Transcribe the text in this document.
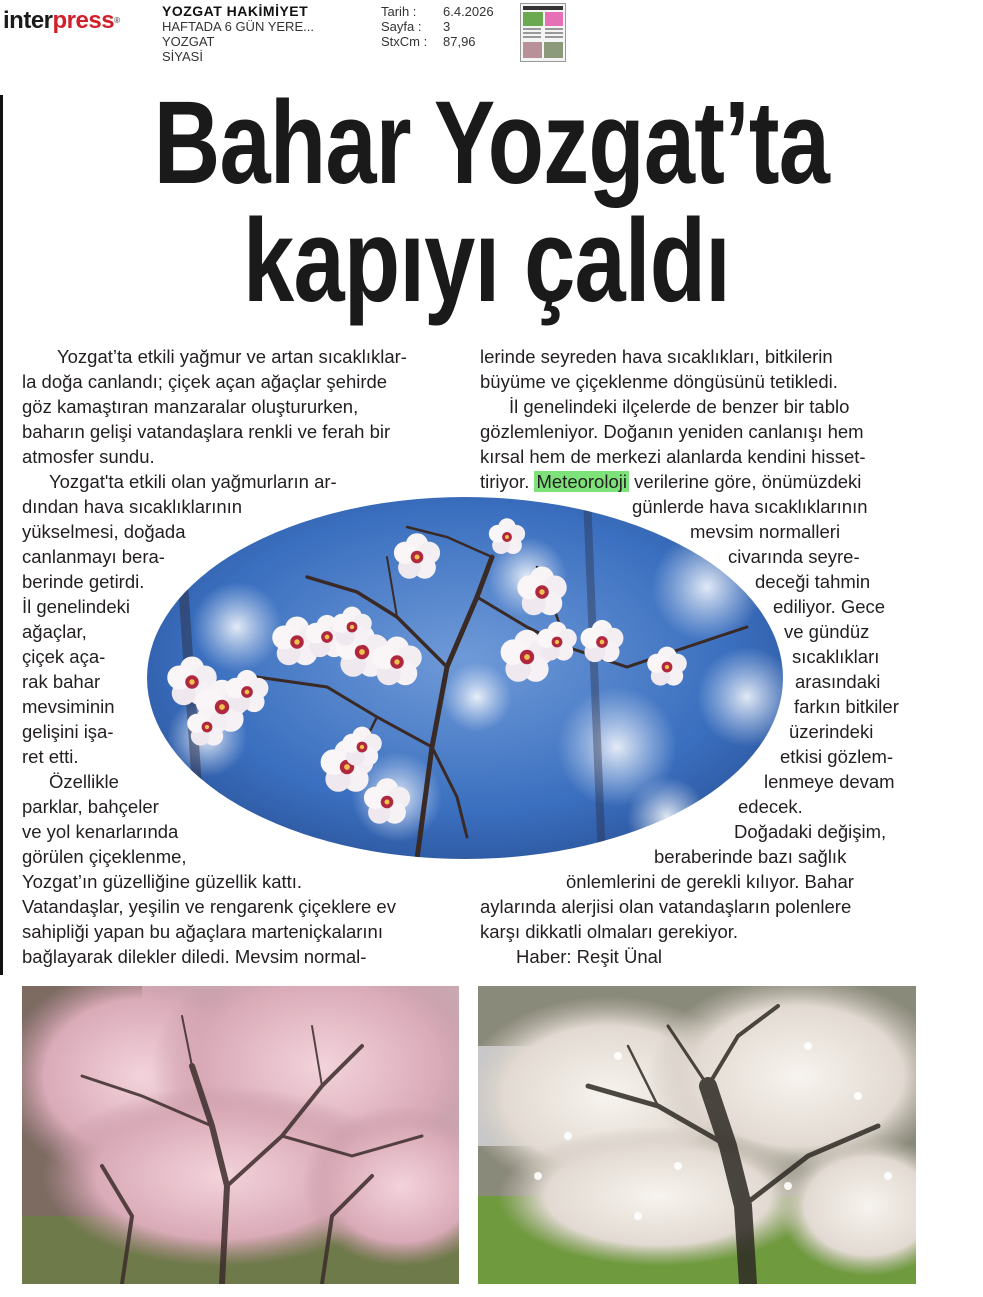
interpress®
YOZGAT HAKİMİYET
HAFTADA 6 GÜN YERE...
YOZGAT
SİYASİ
Tarih :	6.4.2026
Sayfa :	3
StxCm :	87,96
Bahar Yozgat’ta
kapıyı çaldı
Yozgat’ta etkili yağmur ve artan sıcaklıklar-
la doğa canlandı; çiçek açan ağaçlar şehirde
göz kamaştıran manzaralar oluştururken,
baharın gelişi vatandaşlara renkli ve ferah bir
atmosfer sundu.
Yozgat'ta etkili olan yağmurların ar-
dından hava sıcaklıklarının
yükselmesi, doğada
canlanmayı bera-
berinde getirdi.
İl genelindeki
ağaçlar,
çiçek aça-
rak bahar
mevsiminin
gelişini işa-
ret etti.
Özellikle
parklar, bahçeler
ve yol kenarlarında
görülen çiçeklenme,
Yozgat’ın güzelliğine güzellik kattı.
Vatandaşlar, yeşilin ve rengarenk çiçeklere ev
sahipliği yapan bu ağaçlara marteniçkalarını
bağlayarak dilekler diledi. Mevsim normal-
lerinde seyreden hava sıcaklıkları, bitkilerin
büyüme ve çiçeklenme döngüsünü tetikledi.
İl genelindeki ilçelerde de benzer bir tablo
gözlemleniyor. Doğanın yeniden canlanışı hem
kırsal hem de merkezi alanlarda kendini hisset-
tiriyor. Meteoroloji verilerine göre, önümüzdeki
günlerde hava sıcaklıklarının
mevsim normalleri
civarında seyre-
deceği tahmin
ediliyor. Gece
ve gündüz
sıcaklıkları
arasındaki
farkın bitkiler
üzerindeki
etkisi gözlem-
lenmeye devam
edecek.
Doğadaki değişim,
beraberinde bazı sağlık
önlemlerini de gerekli kılıyor. Bahar
aylarında alerjisi olan vatandaşların polenlere
karşı dikkatli olmaları gerekiyor.
Haber: Reşit Ünal
